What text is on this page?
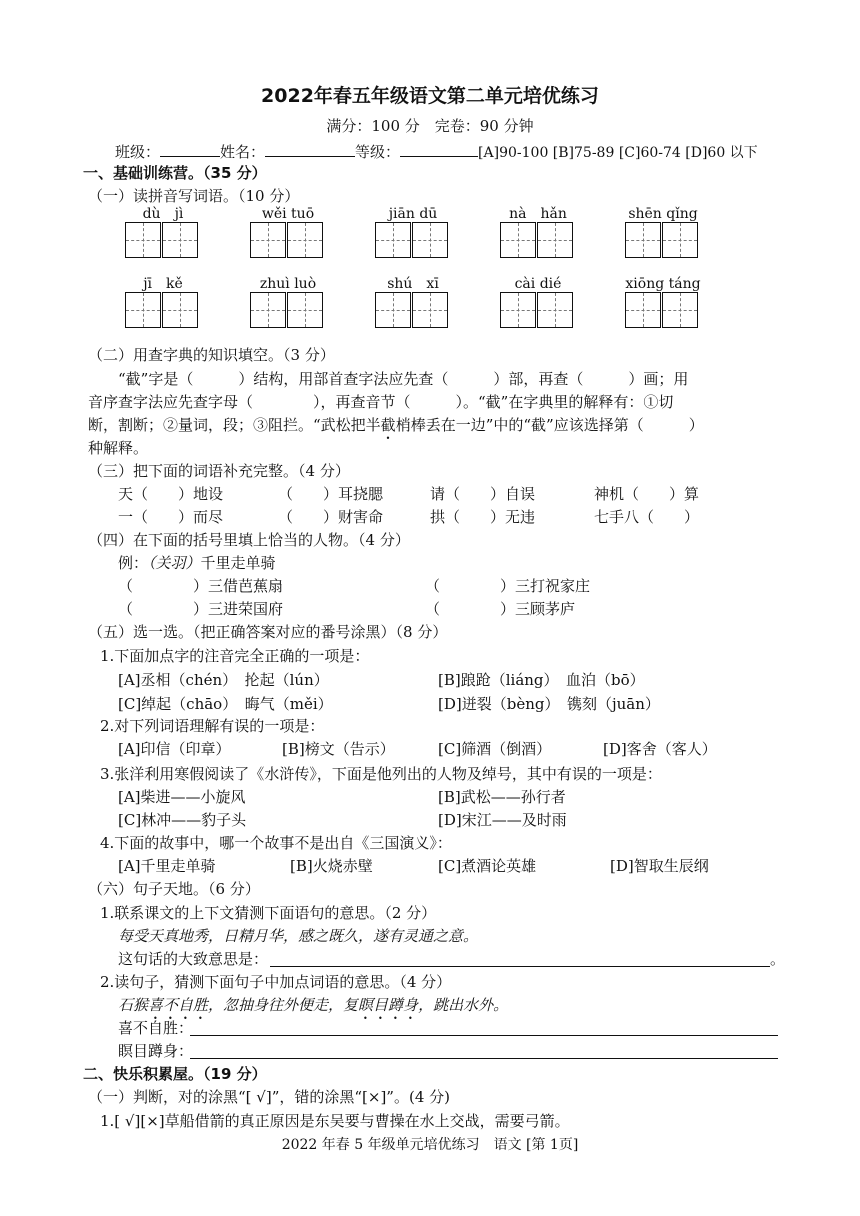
2022年春五年级语文第二单元培优练习
满分：100 分　完卷：90 分钟
班级：	姓名：	等级：	[A]90-100 [B]75-89 [C]60-74 [D]60 以下
一、基础训练营。（35 分）
（一）读拼音写词语。（10 分）
dù　jì	wěi tuō	jiān dū	nà　hǎn	shēn qǐng
jī　kě	zhuì luò	shú　xī	cài dié	xiōng táng
（二）用查字典的知识填空。（3 分）
“截”字是（　　　）结构，用部首查字法应先查（　　　）部，再查（　　　）画；用
音序查字法应先查字母（　　　　），再查音节（　　　）。“截”在字典里的解释有：①切
断，割断；②量词，段；③阻拦。“武松把半截梢棒丢在一边”中的“截”应该选择第（　　　）
种解释。
（三）把下面的词语补充完整。（4 分）
天（　　）地设	（　　）耳挠腮	请（　　）自误	神机（　　）算
一（　　）而尽	（　　）财害命	拱（　　）无违	七手八（　　）
（四）在下面的括号里填上恰当的人物。（4 分）
例：（关羽）千里走单骑
（　　　　）三借芭蕉扇	（　　　　）三打祝家庄
（　　　　）三进荣国府	（　　　　）三顾茅庐
（五）选一选。（把正确答案对应的番号涂黑）（8 分）
1.下面加点字的注音完全正确的一项是：
[A]丞相（chén）　抡起（lún）	[B]踉跄（liáng）　血泊（bō）
[C]绰起（chāo）　晦气（měi）	[D]迸裂（bèng）　镌刻（juān）
2.对下列词语理解有误的一项是：
[A]印信（印章）	[B]榜文（告示）	[C]筛酒（倒酒）	[D]客舍（客人）
3.张洋利用寒假阅读了《水浒传》，下面是他列出的人物及绰号，其中有误的一项是：
[A]柴进——小旋风	[B]武松——孙行者
[C]林冲——豹子头	[D]宋江——及时雨
4.下面的故事中，哪一个故事不是出自《三国演义》：
[A]千里走单骑	[B]火烧赤壁	[C]煮酒论英雄	[D]智取生辰纲
（六）句子天地。（6 分）
1.联系课文的上下文猜测下面语句的意思。（2 分）
每受天真地秀，日精月华，感之既久，遂有灵通之意。
这句话的大致意思是：	。
2.读句子，猜测下面句子中加点词语的意思。（4 分）
石猴喜不自胜，忽抽身往外便走，复瞑目蹲身，跳出水外。
喜不自胜：
瞑目蹲身：
二、快乐积累屋。（19 分）
（一）判断，对的涂黑“[ √]”，错的涂黑“[×]”。(4 分)
1.[ √][×]草船借箭的真正原因是东吴要与曹操在水上交战，需要弓箭。
2022 年春 5 年级单元培优练习　语文 [第 1页]
